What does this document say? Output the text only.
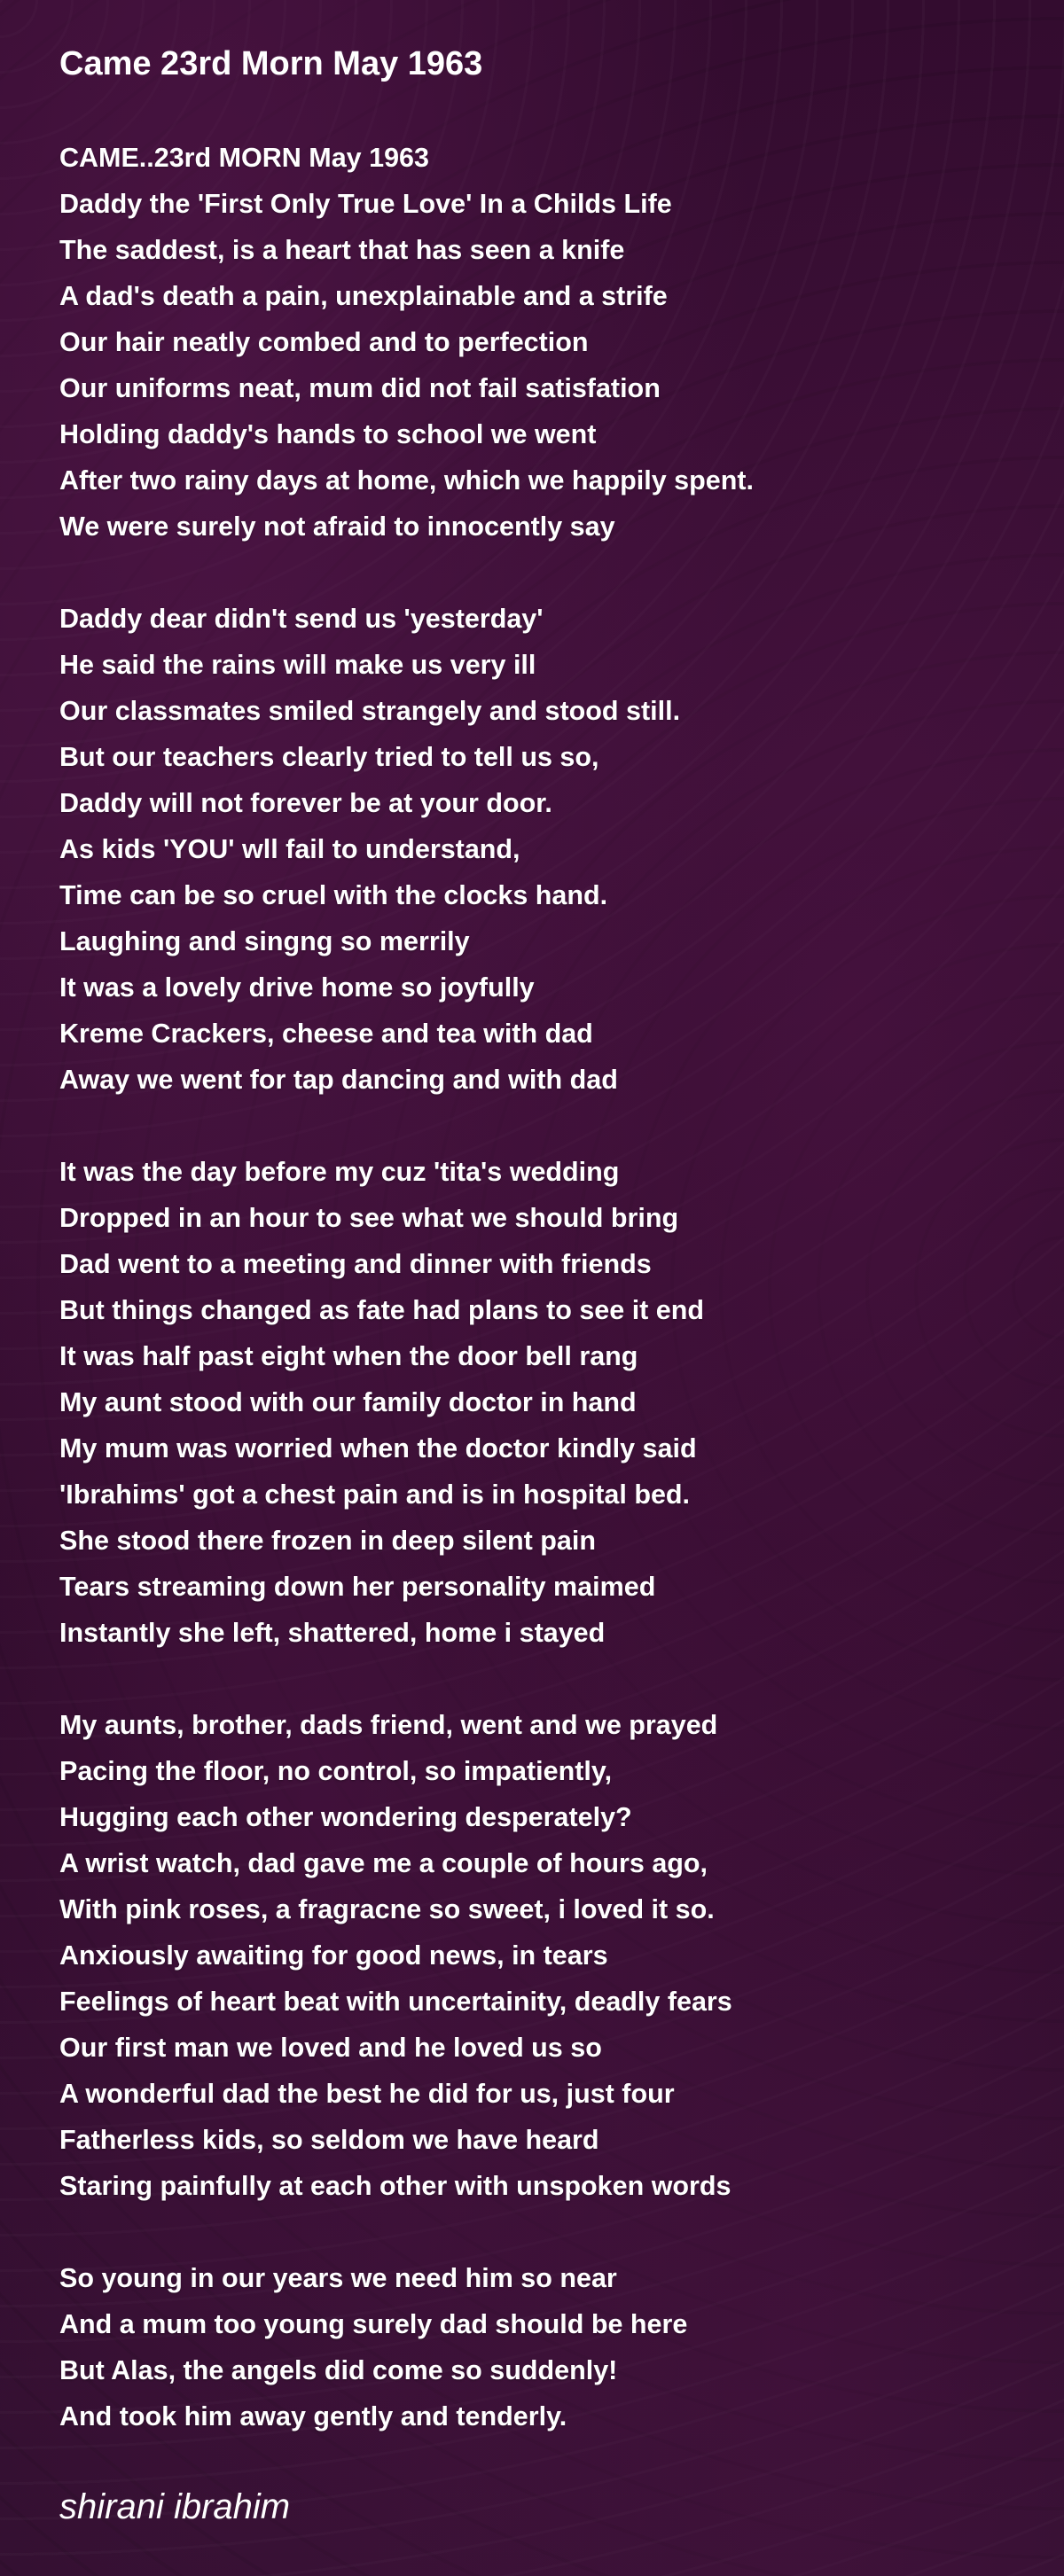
Came 23rd Morn May 1963
CAME..23rd MORN May 1963
Daddy the 'First Only True Love' In a Childs Life
The saddest, is a heart that has seen a knife
A dad's death a pain, unexplainable and a strife
Our hair neatly combed and to perfection
Our uniforms neat, mum did not fail satisfation
Holding daddy's hands to school we went
After two rainy days at home, which we happily spent.
We were surely not afraid to innocently say
Daddy dear didn't send us 'yesterday'
He said the rains will make us very ill
Our classmates smiled strangely and stood still.
But our teachers clearly tried to tell us so,
Daddy will not forever be at your door.
As kids 'YOU' wll fail to understand,
Time can be so cruel with the clocks hand.
Laughing and singng so merrily
It was a lovely drive home so joyfully
Kreme Crackers, cheese and tea with dad
Away we went for tap dancing and with dad
It was the day before my cuz 'tita's wedding
Dropped in an hour to see what we should bring
Dad went to a meeting and dinner with friends
But things changed as fate had plans to see it end
It was half past eight when the door bell rang
My aunt stood with our family doctor in hand
My mum was worried when the doctor kindly said
'Ibrahims' got a chest pain and is in hospital bed.
She stood there frozen in deep silent pain
Tears streaming down her personality maimed
Instantly she left, shattered, home i stayed
My aunts, brother, dads friend, went and we prayed
Pacing the floor, no control, so impatiently,
Hugging each other wondering desperately?
A wrist watch, dad gave me a couple of hours ago,
With pink roses, a fragracne so sweet, i loved it so.
Anxiously awaiting for good news, in tears
Feelings of heart beat with uncertainity, deadly fears
Our first man we loved and he loved us so
A wonderful dad the best he did for us, just four
Fatherless kids, so seldom we have heard
Staring painfully at each other with unspoken words
So young in our years we need him so near
And a mum too young surely dad should be here
But Alas, the angels did come so suddenly!
And took him away gently and tenderly.
shirani ibrahim
